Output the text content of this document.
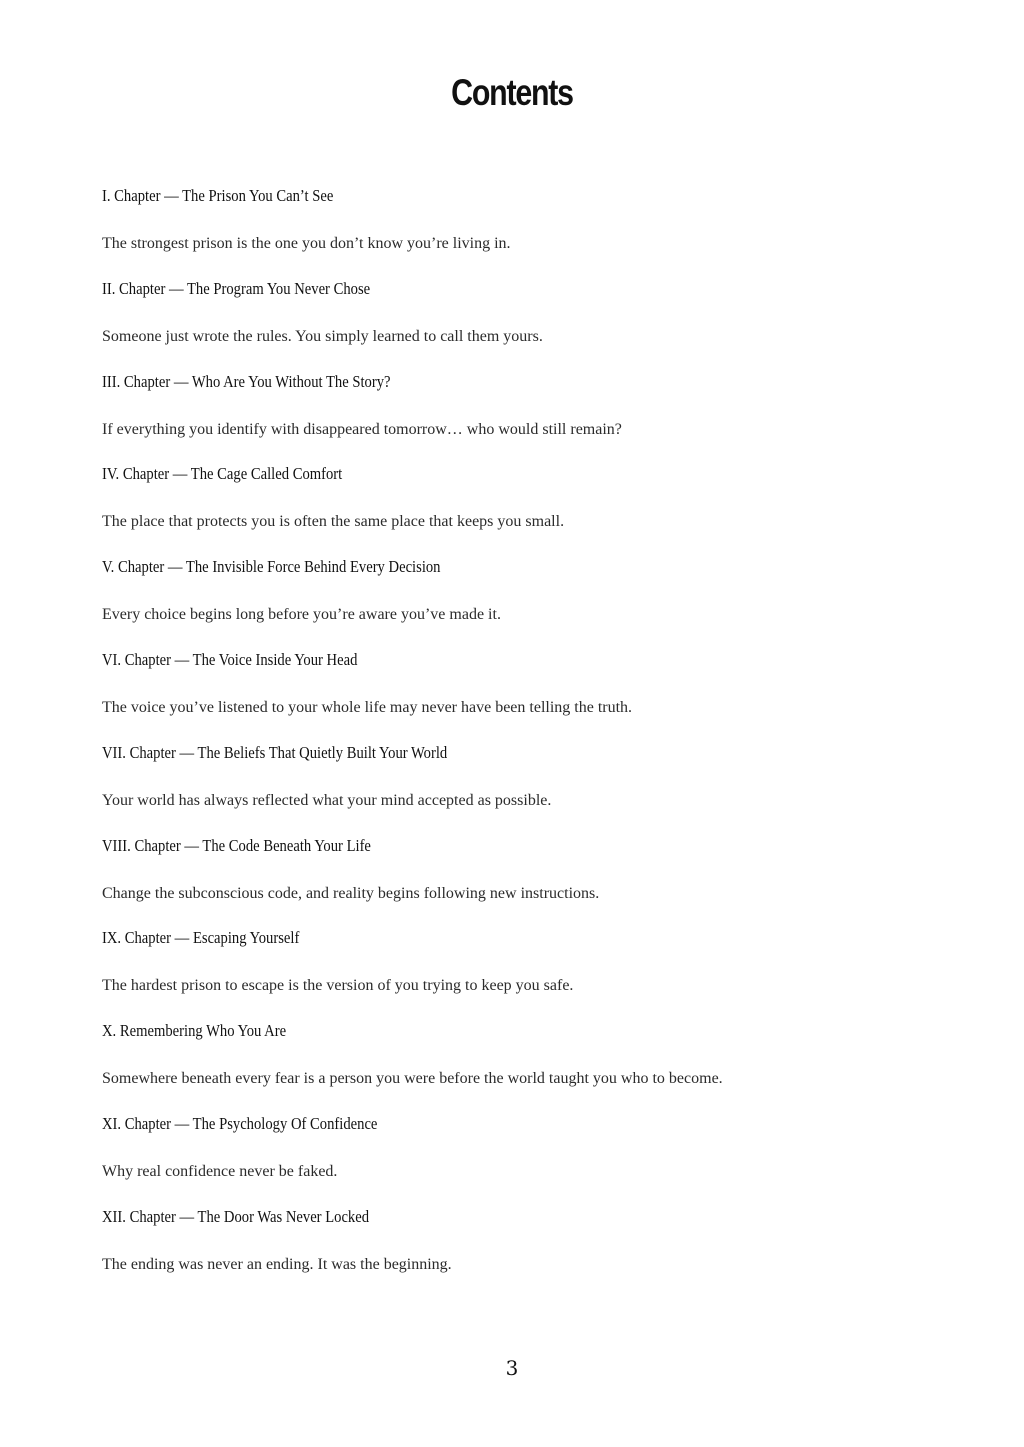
Contents
I. Chapter — The Prison You Can’t See
The strongest prison is the one you don’t know you’re living in.
II. Chapter — The Program You Never Chose
Someone just wrote the rules. You simply learned to call them yours.
III. Chapter — Who Are You Without The Story?
If everything you identify with disappeared tomorrow… who would still remain?
IV. Chapter — The Cage Called Comfort
The place that protects you is often the same place that keeps you small.
V. Chapter — The Invisible Force Behind Every Decision
Every choice begins long before you’re aware you’ve made it.
VI. Chapter — The Voice Inside Your Head
The voice you’ve listened to your whole life may never have been telling the truth.
VII. Chapter — The Beliefs That Quietly Built Your World
Your world has always reflected what your mind accepted as possible.
VIII. Chapter — The Code Beneath Your Life
Change the subconscious code, and reality begins following new instructions.
IX. Chapter — Escaping Yourself
The hardest prison to escape is the version of you trying to keep you safe.
X. Remembering Who You Are
Somewhere beneath every fear is a person you were before the world taught you who to become.
XI. Chapter — The Psychology Of Confidence
Why real confidence never be faked.
XII. Chapter — The Door Was Never Locked
The ending was never an ending. It was the beginning.
3
